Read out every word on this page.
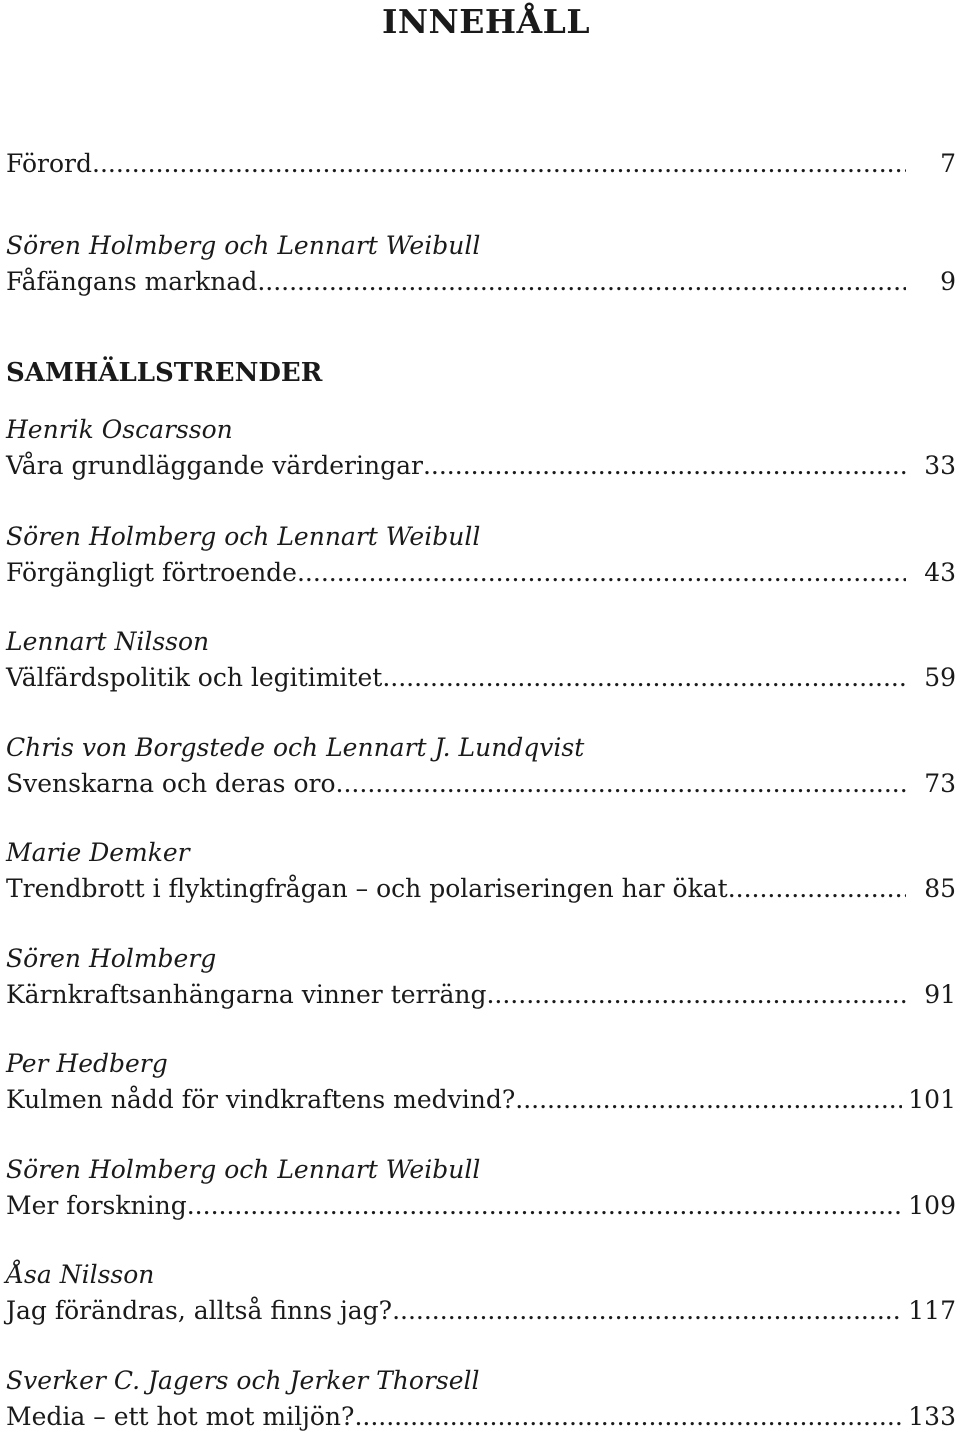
INNEHÅLL
Förord .....	7
Sören Holmberg och Lennart Weibull
Fåfängans marknad .....	9
SAMHÄLLSTRENDER
Henrik Oscarsson
Våra grundläggande värderingar .....	33
Sören Holmberg och Lennart Weibull
Förgängligt förtroende .....	43
Lennart Nilsson
Välfärdspolitik och legitimitet .....	59
Chris von Borgstede och Lennart J. Lundqvist
Svenskarna och deras oro .....	73
Marie Demker
Trendbrott i flyktingfrågan – och polariseringen har ökat .....	85
Sören Holmberg
Kärnkraftsanhängarna vinner terräng .....	91
Per Hedberg
Kulmen nådd för vindkraftens medvind? .....	101
Sören Holmberg och Lennart Weibull
Mer forskning .....	109
Åsa Nilsson
Jag förändras, alltså finns jag? .....	117
Sverker C. Jagers och Jerker Thorsell
Media – ett hot mot miljön? .....	133
